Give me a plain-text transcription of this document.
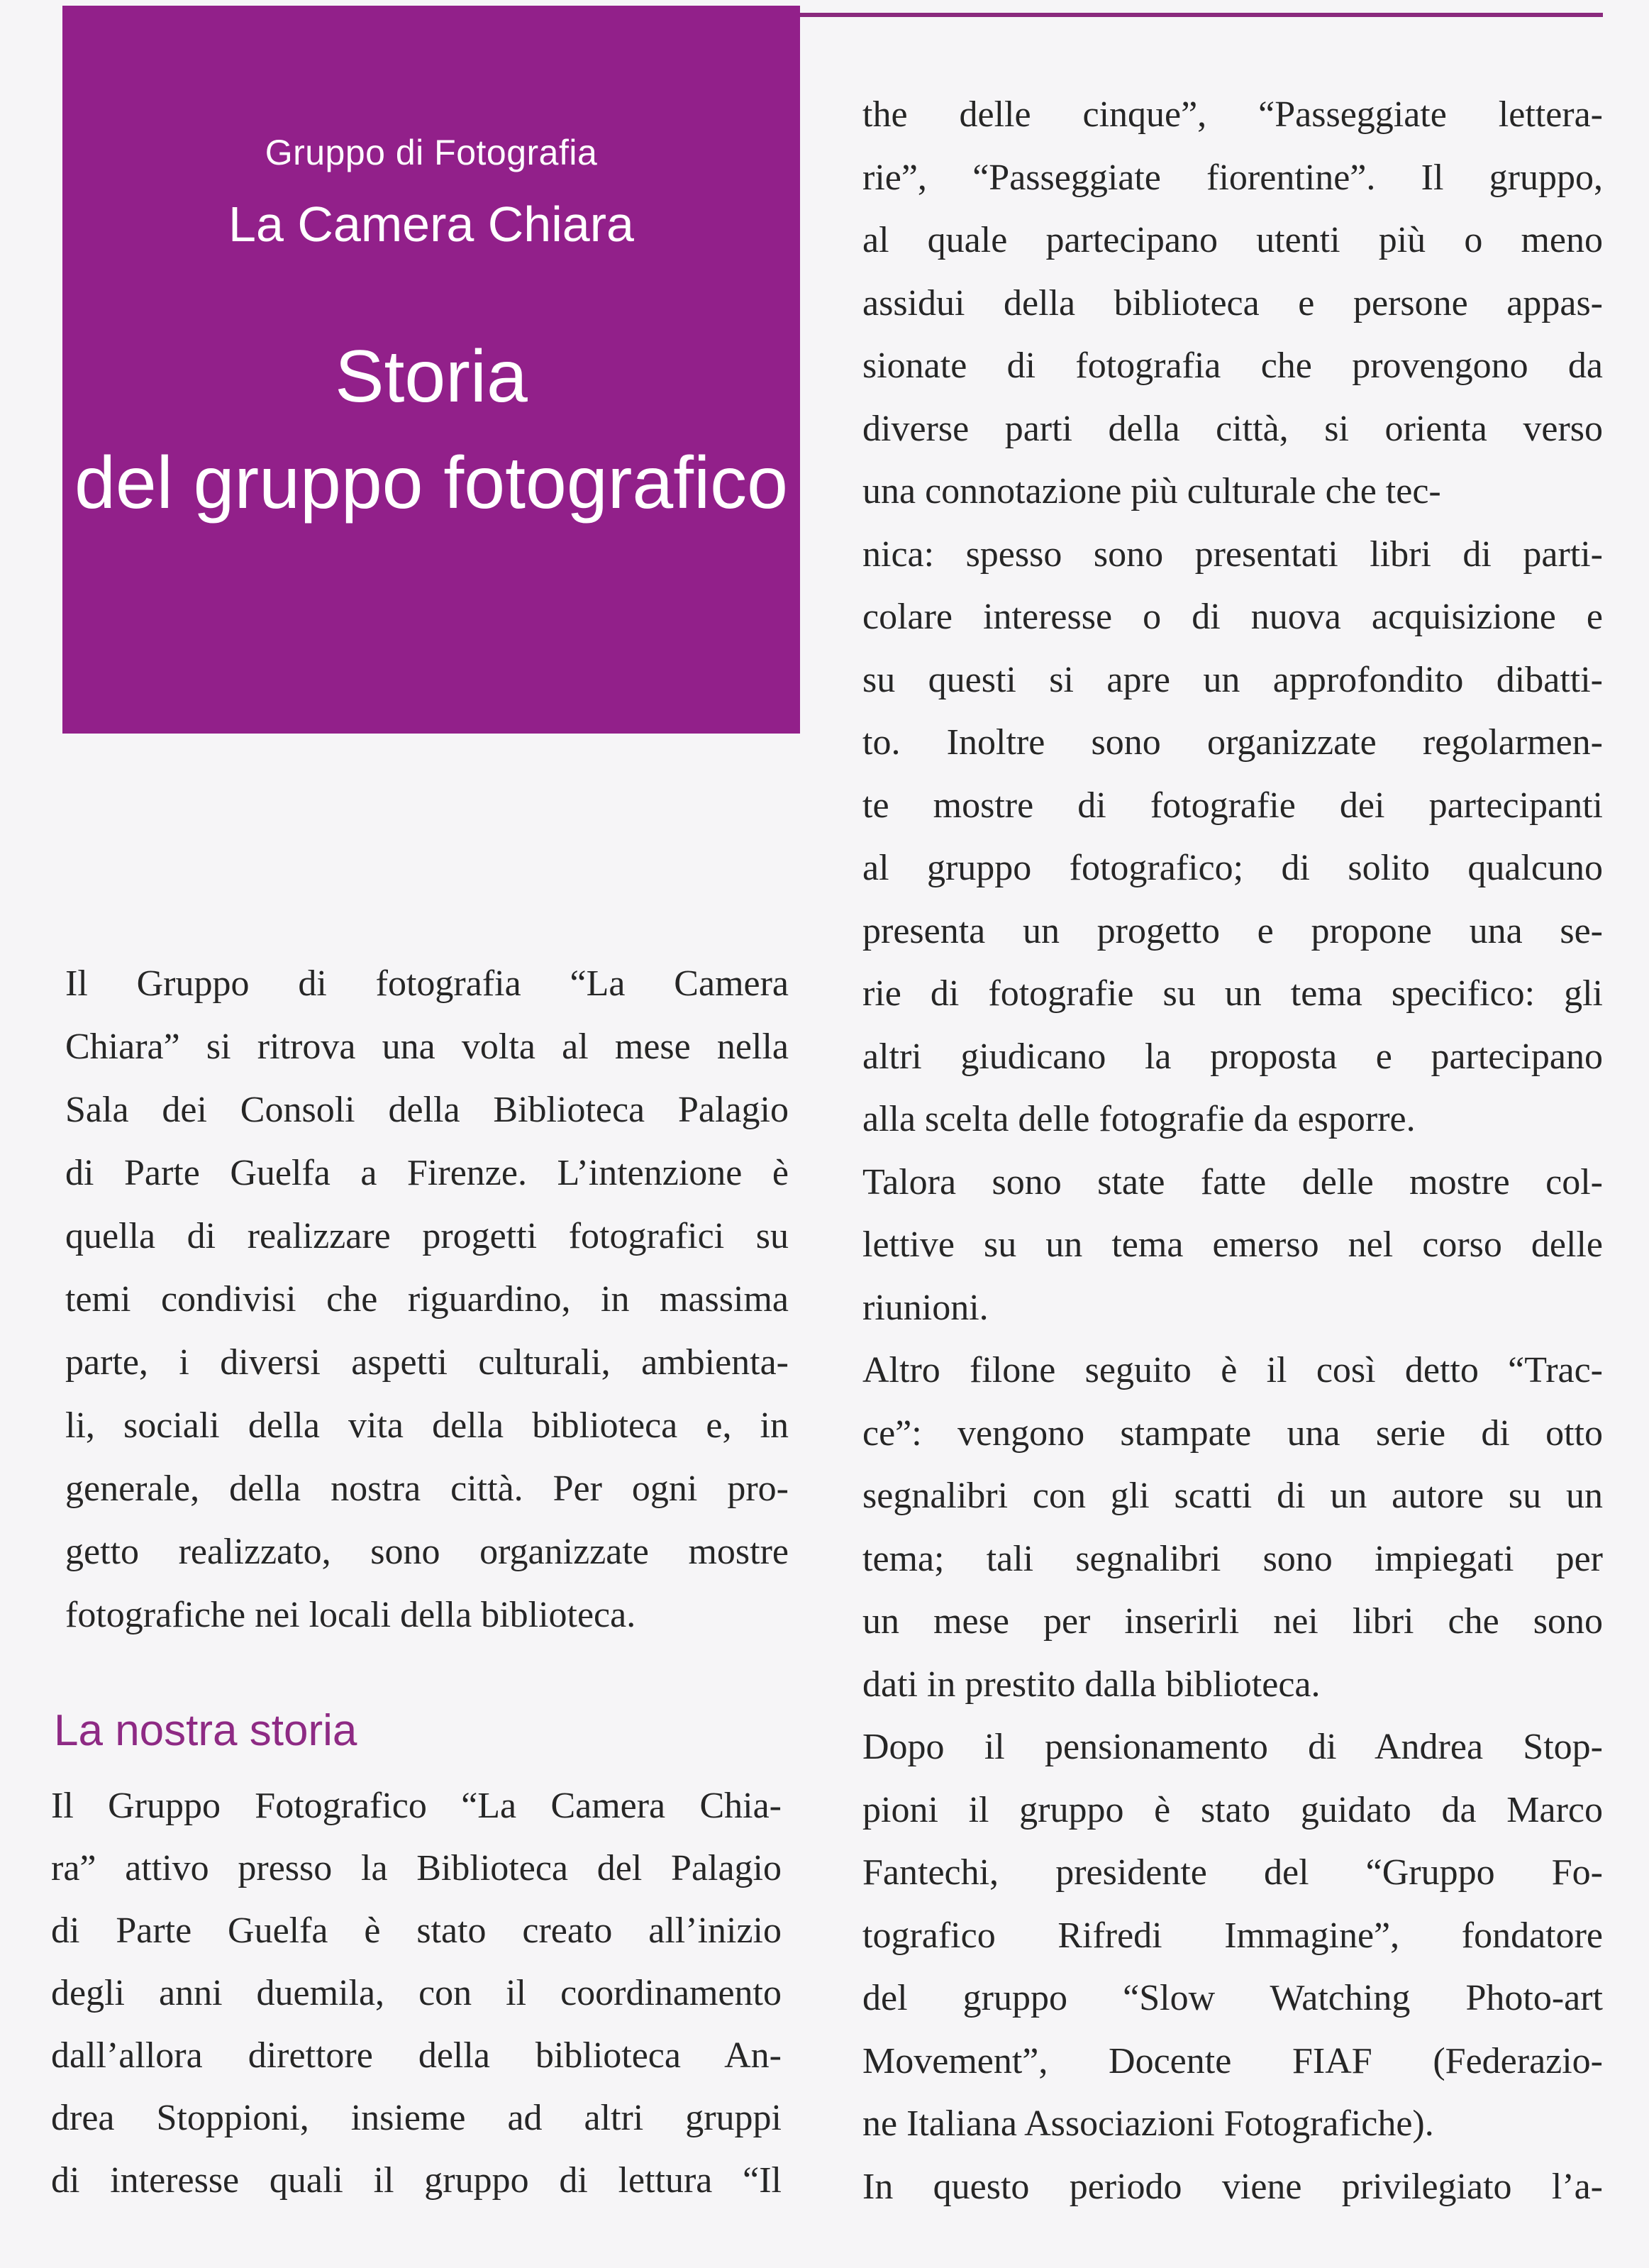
Gruppo di Fotografia
La Camera Chiara
Storia
del gruppo fotografico
Il Gruppo di fotografia “La Camera
Chiara” si ritrova una volta al mese nella
Sala dei Consoli della Biblioteca Palagio
di Parte Guelfa a Firenze. L’intenzione è
quella di realizzare progetti fotografici su
temi condivisi che riguardino, in massima
parte, i diversi aspetti culturali, ambienta-
li, sociali della vita della biblioteca e, in
generale, della nostra città. Per ogni pro-
getto realizzato, sono organizzate mostre
fotografiche nei locali della biblioteca.
La nostra storia
Il Gruppo Fotografico “La Camera Chia-
ra” attivo presso la Biblioteca del Palagio
di Parte Guelfa è stato creato all’inizio
degli anni duemila, con il coordinamento
dall’allora direttore della biblioteca An-
drea Stoppioni, insieme ad altri gruppi
di interesse quali il gruppo di lettura “Il
the delle cinque”, “Passeggiate lettera-
rie”, “Passeggiate fiorentine”. Il gruppo,
al quale partecipano utenti più o meno
assidui della biblioteca e persone appas-
sionate di fotografia che provengono da
diverse parti della città, si orienta verso
una connotazione più culturale che tec-
nica: spesso sono presentati libri di parti-
colare interesse o di nuova acquisizione e
su questi si apre un approfondito dibatti-
to. Inoltre sono organizzate regolarmen-
te mostre di fotografie dei partecipanti
al gruppo fotografico; di solito qualcuno
presenta un progetto e propone una se-
rie di fotografie su un tema specifico: gli
altri giudicano la proposta e partecipano
alla scelta delle fotografie da esporre.
Talora sono state fatte delle mostre col-
lettive su un tema emerso nel corso delle
riunioni.
Altro filone seguito è il così detto “Trac-
ce”: vengono stampate una serie di otto
segnalibri con gli scatti di un autore su un
tema; tali segnalibri sono impiegati per
un mese per inserirli nei libri che sono
dati in prestito dalla biblioteca.
Dopo il pensionamento di Andrea Stop-
pioni il gruppo è stato guidato da Marco
Fantechi, presidente del “Gruppo Fo-
tografico Rifredi Immagine”, fondatore
del gruppo “Slow Watching Photo-art
Movement”, Docente FIAF (Federazio-
ne Italiana Associazioni Fotografiche).
In questo periodo viene privilegiato l’a-
